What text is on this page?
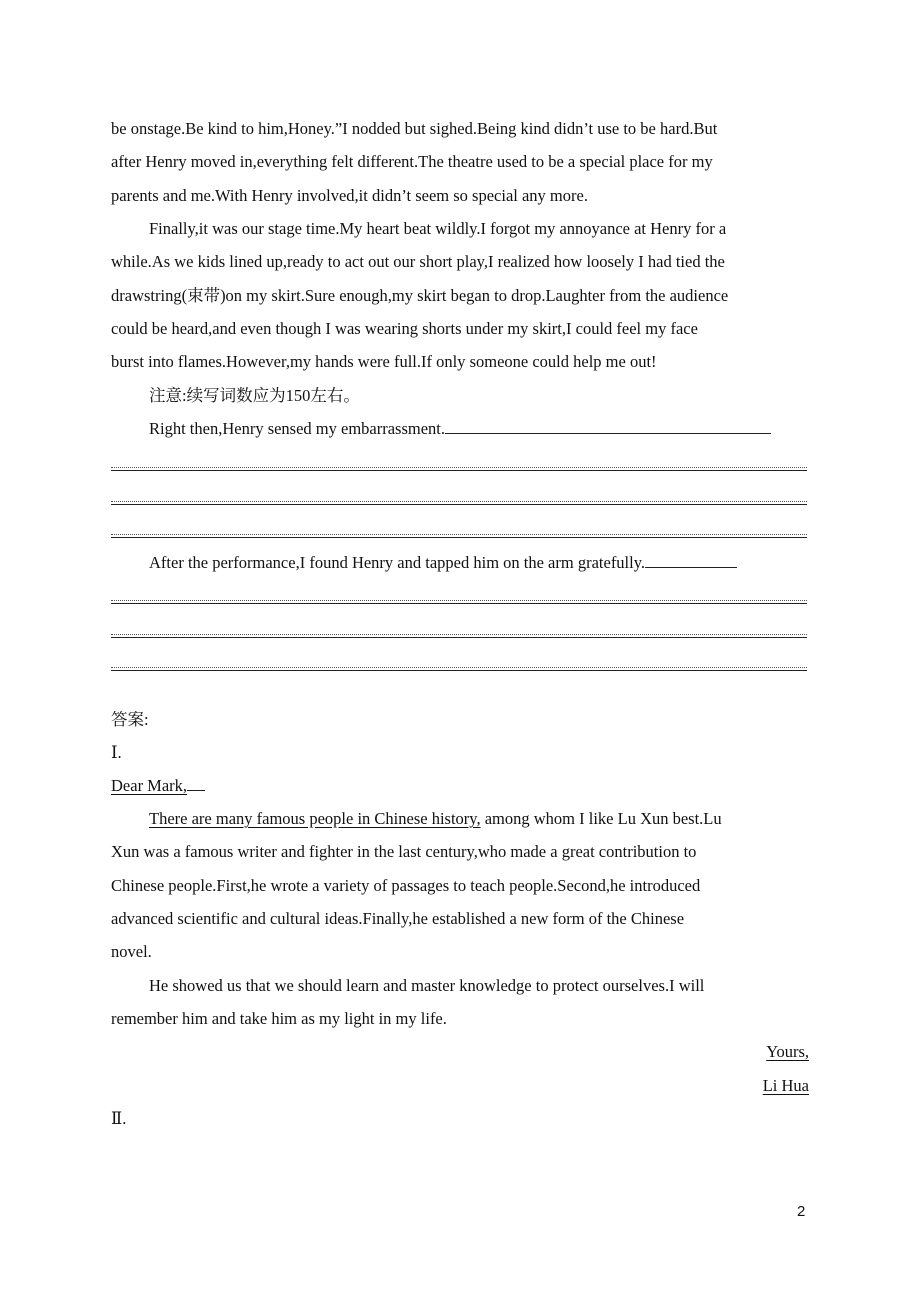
be onstage.Be kind to him,Honey.”I nodded but sighed.Being kind didn’t use to be hard.But
after Henry moved in,everything felt different.The theatre used to be a special place for my
parents and me.With Henry involved,it didn’t seem so special any more.
Finally,it was our stage time.My heart beat wildly.I forgot my annoyance at Henry for a
while.As we kids lined up,ready to act out our short play,I realized how loosely I had tied the
drawstring(束带)on my skirt.Sure enough,my skirt began to drop.Laughter from the audience
could be heard,and even though I was wearing shorts under my skirt,I could feel my face
burst into flames.However,my hands were full.If only someone could help me out!
注意:续写词数应为150左右。
Right then,Henry sensed my embarrassment.
After the performance,I found Henry and tapped him on the arm gratefully.
答案:
Ⅰ.
Dear Mark,
There are many famous people in Chinese history, among whom I like Lu Xun best.Lu
Xun was a famous writer and fighter in the last century,who made a great contribution to
Chinese people.First,he wrote a variety of passages to teach people.Second,he introduced
advanced scientific and cultural ideas.Finally,he established a new form of the Chinese
novel.
He showed us that we should learn and master knowledge to protect ourselves.I will
remember him and take him as my light in my life.
Yours,
Li Hua
Ⅱ.
2
